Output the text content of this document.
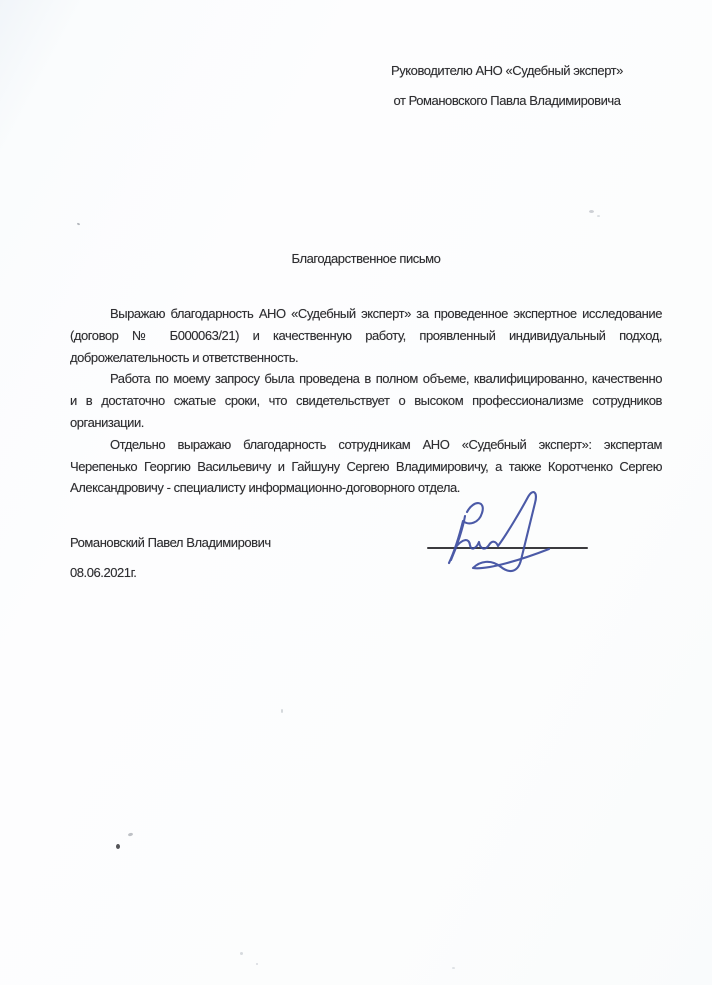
Руководителю АНО «Судебный эксперт»
от Романовского Павла Владимировича
Благодарственное письмо
Выражаю благодарность АНО «Судебный эксперт» за проведенное экспертное исследование
(договор № Б000063/21) и качественную работу, проявленный индивидуальный подход,
доброжелательность и ответственность.
Работа по моему запросу была проведена в полном объеме, квалифицированно, качественно
и в достаточно сжатые сроки, что свидетельствует о высоком профессионализме сотрудников
организации.
Отдельно выражаю благодарность сотрудникам АНО «Судебный эксперт»: экспертам
Черепенько Георгию Васильевичу и Гайшуну Сергею Владимировичу, а также Коротченко Сергею
Александровичу - специалисту информационно-договорного отдела.
Романовский Павел Владимирович
08.06.2021г.
